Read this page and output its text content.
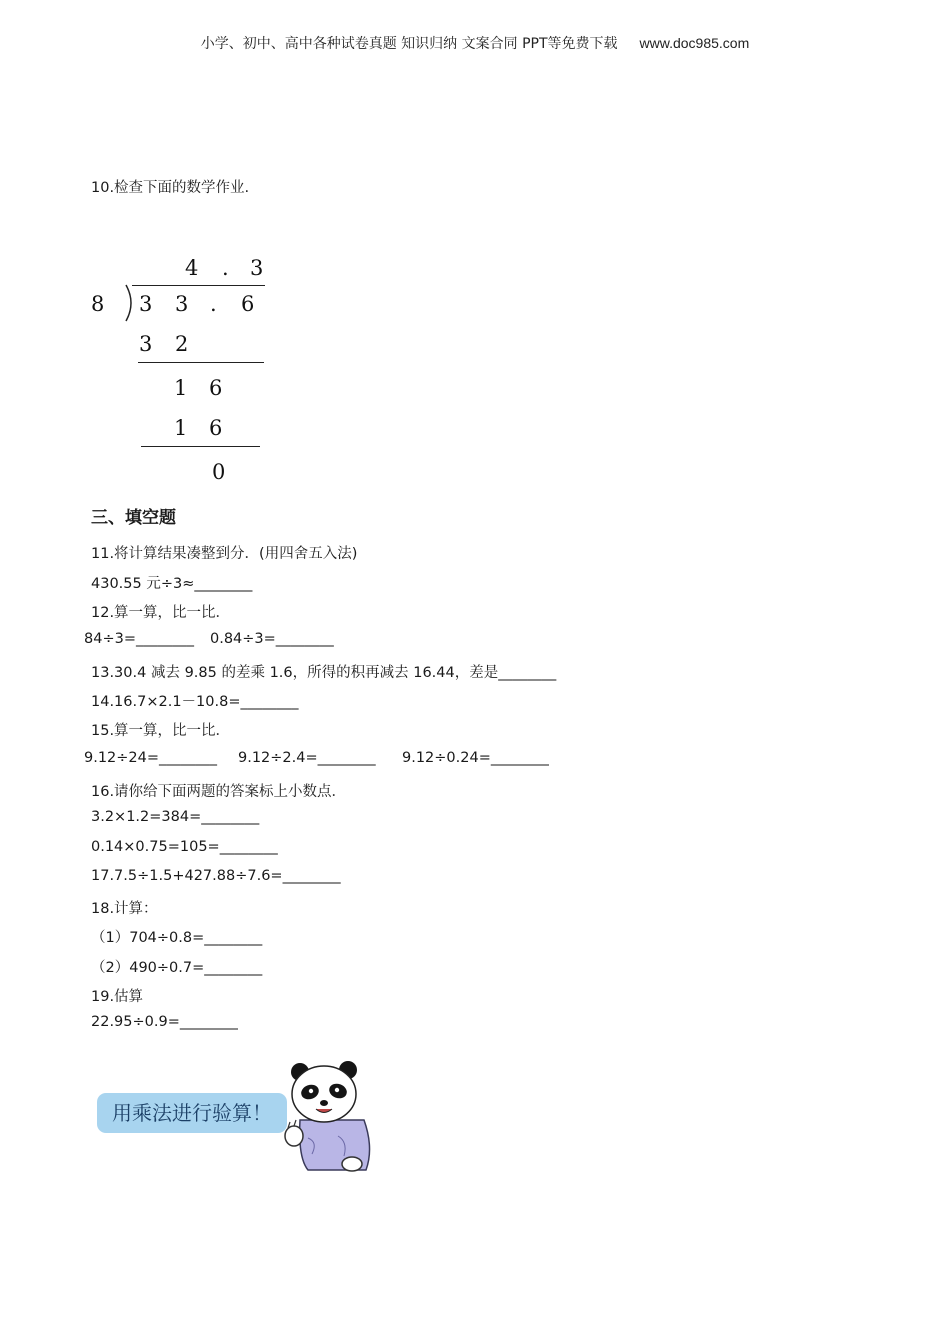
小学、初中、高中各种试卷真题 知识归纳 文案合同 PPT等免费下载 www.doc985.com
10.检查下面的数学作业.
4 . 3
8 3 3 . 6
3 2
1 6
1 6
0
三、填空题
11.将计算结果凑整到分．(用四舍五入法)
430.55 元÷3≈________
12.算一算，比一比．
84÷3=________ 0.84÷3=________
13.30.4 减去 9.85 的差乘 1.6，所得的积再减去 16.44，差是________
14.16.7×2.1－10.8=________
15.算一算，比一比．
9.12÷24=________ 9.12÷2.4=________ 9.12÷0.24=________
16.请你给下面两题的答案标上小数点．
3.2×1.2=384=________
0.14×0.75=105=________
17.7.5÷1.5+427.88÷7.6=________
18.计算：
（1）704÷0.8=________
（2）490÷0.7=________
19.估算
22.95÷0.9=________
用乘法进行验算！
